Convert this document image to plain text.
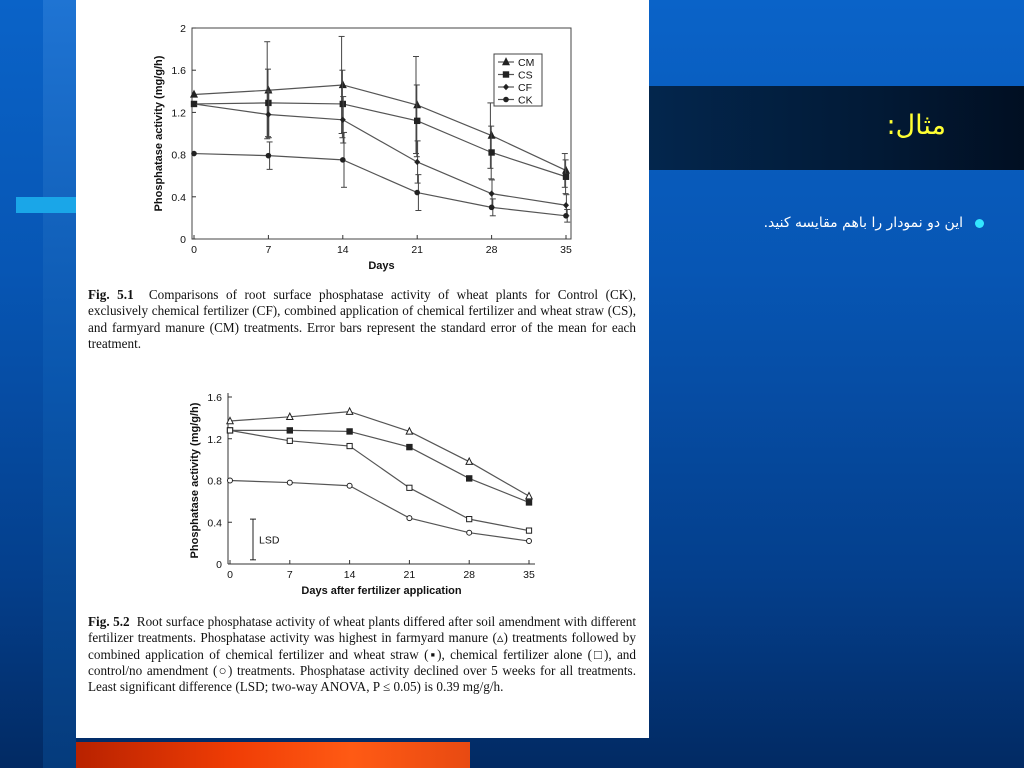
مثال:
این دو نمودار را باهم مقایسه کنید.
0
0.4
0.8
1.2
1.6
2
0	7	14	21	28	35
Days
Phosphatase activity (mg/g/h)	CM
CS
CF
CK
Fig. 5.1 Comparisons of root surface phosphatase activity of wheat plants for Control (CK), exclusively chemical fertilizer (CF), combined application of chemical fertilizer and wheat straw (CS), and farmyard manure (CM) treatments. Error bars represent the standard error of the mean for each treatment.
0
0.4
0.8
1.2
1.6
0	7	14	21	28	35
Days after fertilizer application
Phosphatase activity (mg/g/h)	LSD
Fig. 5.2 Root surface phosphatase activity of wheat plants differed after soil amendment with different fertilizer treatments. Phosphatase activity was highest in farmyard manure (▵) treatments followed by combined application of chemical fertilizer and wheat straw (▪), chemical fertilizer alone (□), and control/no amendment (○) treatments. Phosphatase activity declined over 5 weeks for all treatments. Least significant difference (LSD; two-way ANOVA, P ≤ 0.05) is 0.39 mg/g/h.
